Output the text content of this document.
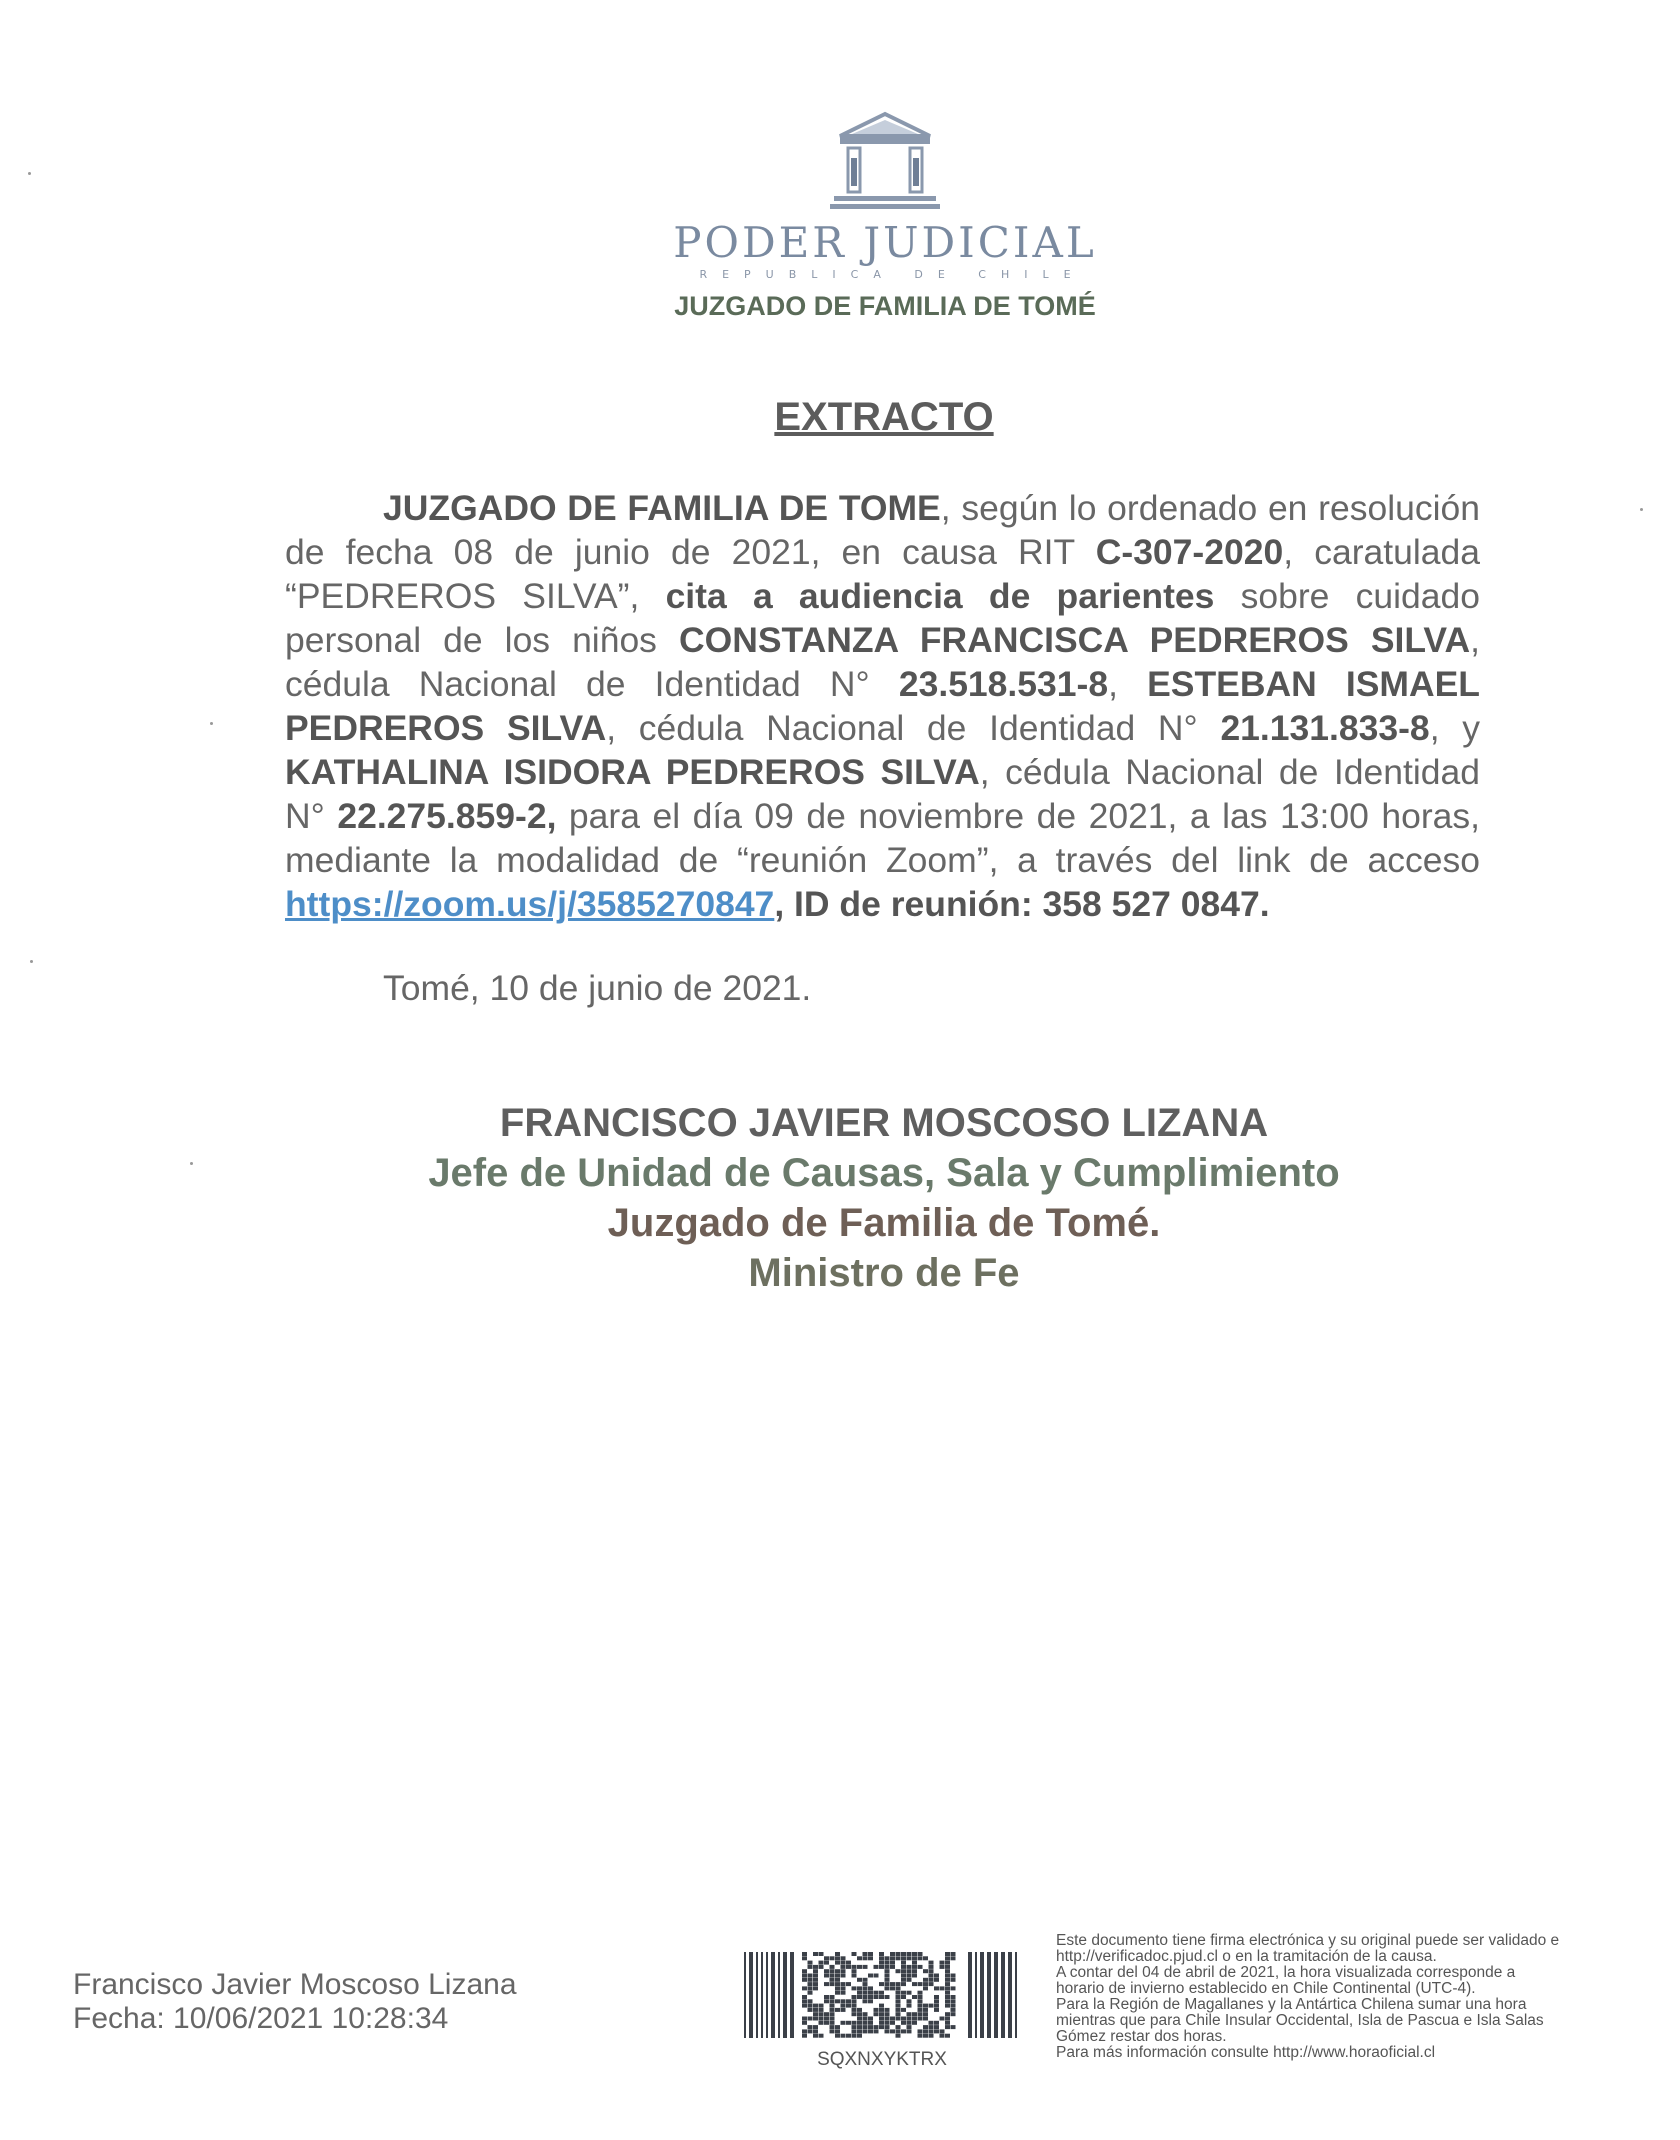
PODER JUDICIAL
REPUBLICA DE CHILE
JUZGADO DE FAMILIA DE TOMÉ
EXTRACTO

JUZGADO DE FAMILIA DE TOME, según lo ordenado en resolución de fecha 08 de junio de 2021, en causa RIT C-307-2020, caratulada “PEDREROS SILVA”, cita a audiencia de parientes sobre cuidado personal de los niños CONSTANZA FRANCISCA PEDREROS SILVA, cédula Nacional de Identidad N° 23.518.531-8, ESTEBAN ISMAEL PEDREROS SILVA, cédula Nacional de Identidad N° 21.131.833-8, y KATHALINA ISIDORA PEDREROS SILVA, cédula Nacional de Identidad N° 22.275.859-2, para el día 09 de noviembre de 2021, a las 13:00 horas, mediante la modalidad de “reunión Zoom”, a través del link de acceso https://zoom.us/j/3585270847, ID de reunión: 358 527 0847.

Tomé, 10 de junio de 2021.
FRANCISCO JAVIER MOSCOSO LIZANA
Jefe de Unidad de Causas, Sala y Cumplimiento
Juzgado de Familia de Tomé.
Ministro de Fe
Francisco Javier Moscoso Lizana
Fecha: 10/06/2021 10:28:34
SQXNXYKTRX
Este documento tiene firma electrónica y su original puede ser validado e
http://verificadoc.pjud.cl o en la tramitación de la causa.
A contar del 04 de abril de 2021, la hora visualizada corresponde a
horario de invierno establecido en Chile Continental (UTC-4).
Para la Región de Magallanes y la Antártica Chilena sumar una hora
mientras que para Chile Insular Occidental, Isla de Pascua e Isla Salas
Gómez restar dos horas.
Para más información consulte http://www.horaoficial.cl
